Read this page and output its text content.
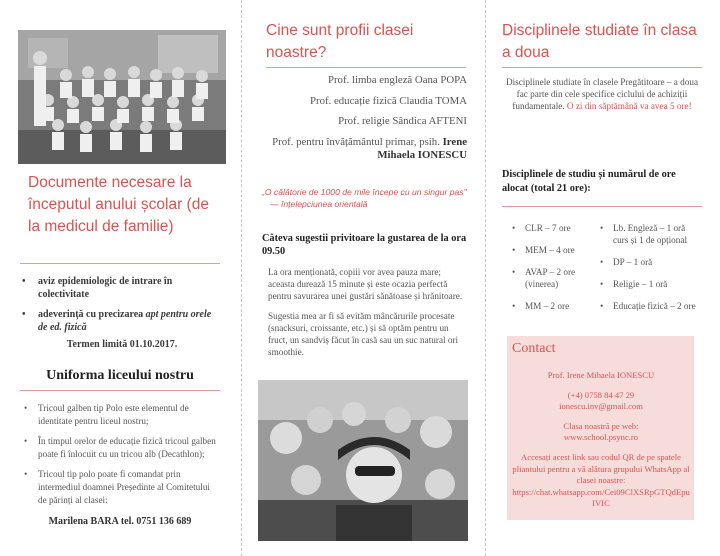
Documente necesare la începutul anului școlar (de la medicul de familie)
• aviz epidemiologic de intrare în colectivitate
• adeverință cu precizarea apt pentru orele de ed. fizică
Termen limită 01.10.2017.
Uniforma liceului nostru
• Tricoul galben tip Polo este elementul de identitate pentru liceul nostru;
• În timpul orelor de educație fizică tricoul galben poate fi înlocuit cu un tricou alb (Decathlon);
• Tricoul tip polo poate fi comandat prin intermediul doamnei Președinte al Comitetului de părinți al clasei:
Marilena BARA tel. 0751 136 689
Cine sunt profii clasei noastre?

Prof. limba engleză Oana POPA

Prof. educație fizică Claudia TOMA

Prof. religie Sândica AFTENI

Prof. pentru învățământul primar, psih. Irene Mihaela IONESCU

„O călătorie de 1000 de mile începe cu un singur pas''
— înțelepciunea orientală
Câteva sugestii privitoare la gustarea de la ora 09.50

La ora menționată, copiii vor avea pauza mare; aceasta durează 15 minute și este ocazia perfectă pentru savurarea unei gustări sănătoase și hrănitoare.

Sugestia mea ar fi să evităm mâncărurile procesate (snacksuri, croissante, etc.) și să optăm pentru un fruct, un sandviș făcut în casă sau un suc natural ori smoothie.

Disciplinele studiate în clasa a doua
Disciplinele studiate în clasele Pregătitoare – a doua fac parte din cele specifice ciclului de achiziții fundamentale. O zi din săptămână va avea 5 ore!
Disciplinele de studiu și numărul de ore alocat (total 21 ore):
• CLR – 7 ore
• MEM – 4 ore
• AVAP – 2 ore (vinerea)
• MM – 2 ore
• Lb. Engleză – 1 oră curs și 1 de opțional
• DP – 1 oră
• Religie – 1 oră
• Educație fizică – 2 ore
Contact

Prof. Irene Mihaela IONESCU

(+4) 0758 84 47 29
ionescu.inv@gmail.com

Clasa noastră pe web:
www.school.psync.ro

Accesați acest link sau codul QR de pe spatele pliantului pentru a vă alătura grupului WhatsApp al clasei noastre: https://chat.whatsapp.com/Cei09ClXSRpGTQdEpu IVIC
